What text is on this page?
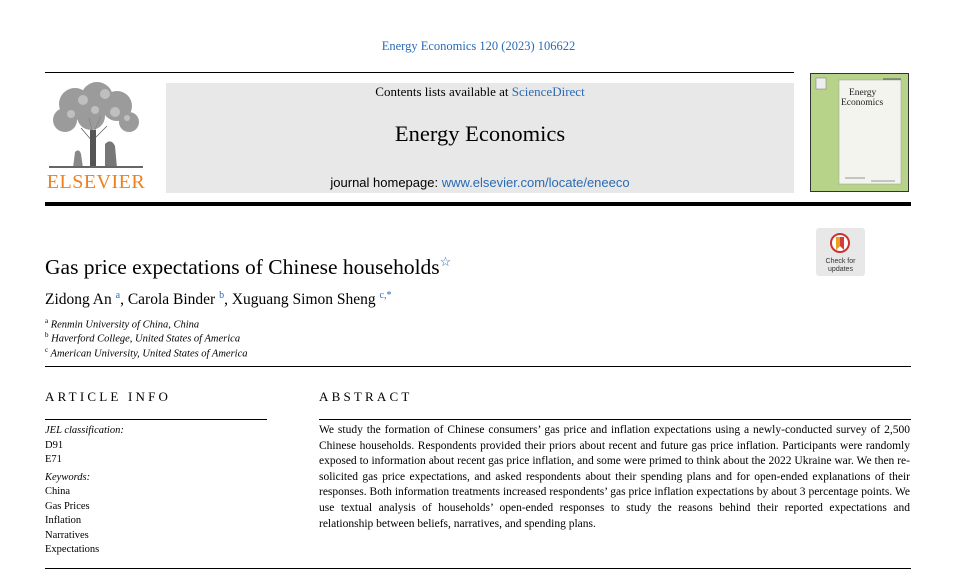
Energy Economics 120 (2023) 106622
ELSEVIER
Contents lists available at ScienceDirect
Energy Economics
journal homepage: www.elsevier.com/locate/eneeco
Energy
Economics
Check for
updates
Gas price expectations of Chinese households☆
Zidong An $^a$, Carola Binder $^b$, Xuguang Simon Sheng $^{c,*}$
$^a$ Renmin University of China, China
$^b$ Haverford College, United States of America
$^c$ American University, United States of America
ARTICLE INFO	ABSTRACT
JEL classification:
D91
E71
Keywords:
China
Gas Prices
Inflation
Narratives
Expectations
We study the formation of Chinese consumers’ gas price and inflation expectations using a newly-conducted survey of 2,500 Chinese households. Respondents provided their priors about recent and future gas price inflation. Participants were randomly exposed to information about recent gas price inflation, and some were primed to think about the 2022 Ukraine war. We then re-solicited gas price expectations, and asked respondents about their spending plans and for open-ended explanations of their responses. Both information treatments increased respondents’ gas price inflation expectations by about 3 percentage points. We use textual analysis of households’ open-ended responses to study the reasons behind their reported expectations and relationship between beliefs, narratives, and spending plans.
